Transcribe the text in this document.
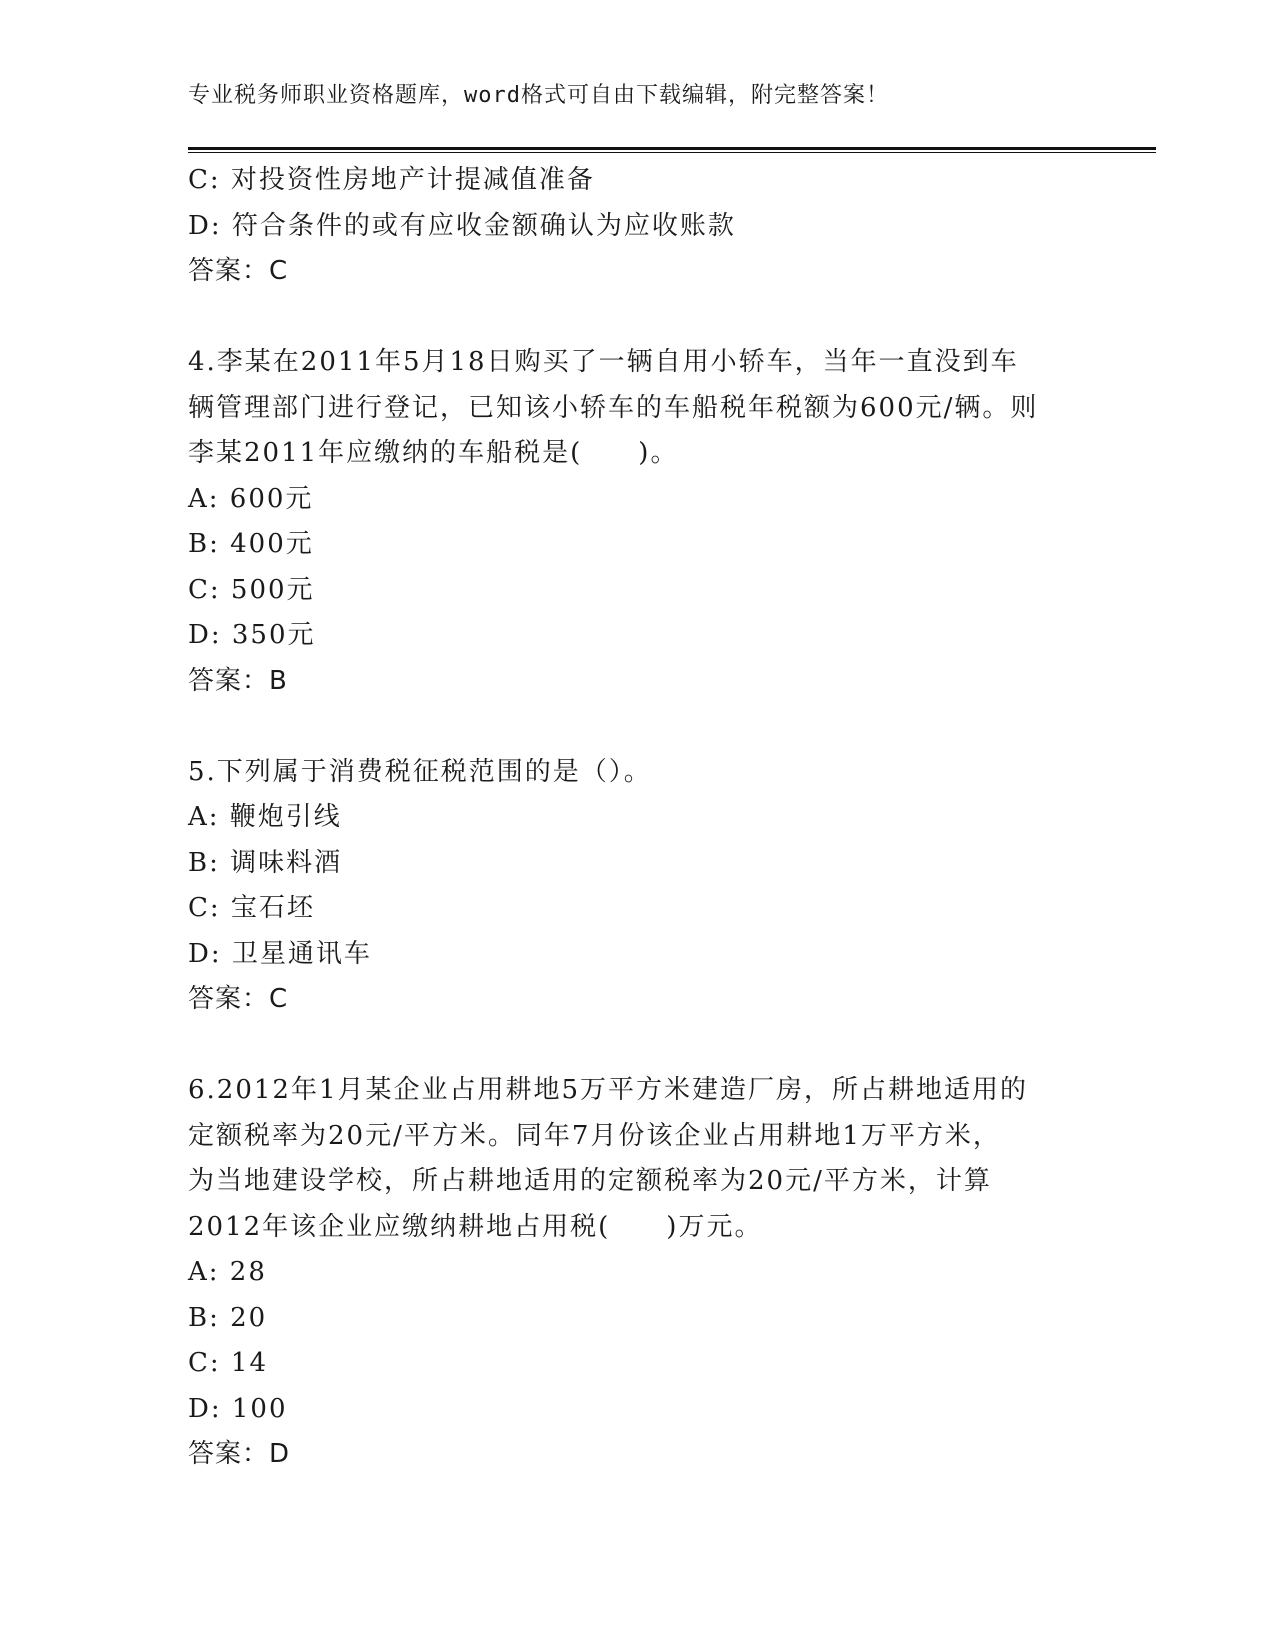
专业税务师职业资格题库，word格式可自由下载编辑，附完整答案！
C: 对投资性房地产计提减值准备
D: 符合条件的或有应收金额确认为应收账款
答案：C
4.李某在2011年5月18日购买了一辆自用小轿车，当年一直没到车
辆管理部门进行登记，已知该小轿车的车船税年税额为600元/辆。则
李某2011年应缴纳的车船税是(　　)。
A: 600元
B: 400元
C: 500元
D: 350元
答案：B
5.下列属于消费税征税范围的是（）。
A: 鞭炮引线
B: 调味料酒
C: 宝石坯
D: 卫星通讯车
答案：C
6.2012年1月某企业占用耕地5万平方米建造厂房，所占耕地适用的
定额税率为20元/平方米。同年7月份该企业占用耕地1万平方米，
为当地建设学校，所占耕地适用的定额税率为20元/平方米，计算
2012年该企业应缴纳耕地占用税(　　)万元。
A: 28
B: 20
C: 14
D: 100
答案：D
